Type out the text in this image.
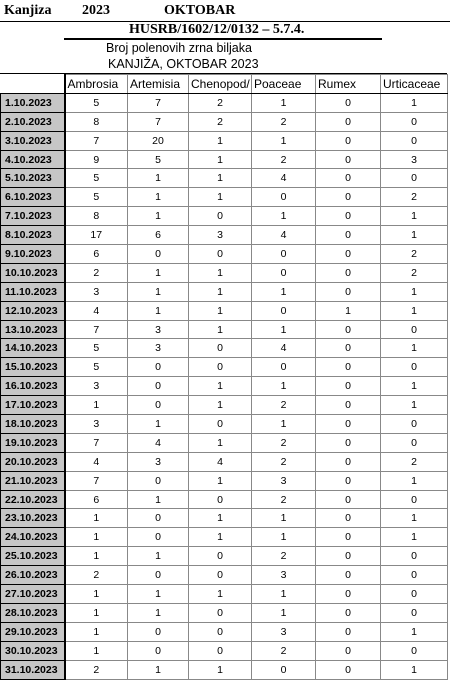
Kanjiza 2023	OKTOBAR
HUSRB/1602/12/0132 – 5.7.4.
Broj polenovih zrna biljaka
KANJIŽA, OKTOBAR 2023
	Ambrosia	Artemisia	Chenopod/	Poaceae	Rumex	Urticaceae
1.10.2023	5	7	2	1	0	1
2.10.2023	8	7	2	2	0	0
3.10.2023	7	20	1	1	0	0
4.10.2023	9	5	1	2	0	3
5.10.2023	5	1	1	4	0	0
6.10.2023	5	1	1	0	0	2
7.10.2023	8	1	0	1	0	1
8.10.2023	17	6	3	4	0	1
9.10.2023	6	0	0	0	0	2
10.10.2023	2	1	1	0	0	2
11.10.2023	3	1	1	1	0	1
12.10.2023	4	1	1	0	1	1
13.10.2023	7	3	1	1	0	0
14.10.2023	5	3	0	4	0	1
15.10.2023	5	0	0	0	0	0
16.10.2023	3	0	1	1	0	1
17.10.2023	1	0	1	2	0	1
18.10.2023	3	1	0	1	0	0
19.10.2023	7	4	1	2	0	0
20.10.2023	4	3	4	2	0	2
21.10.2023	7	0	1	3	0	1
22.10.2023	6	1	0	2	0	0
23.10.2023	1	0	1	1	0	1
24.10.2023	1	0	1	1	0	1
25.10.2023	1	1	0	2	0	0
26.10.2023	2	0	0	3	0	0
27.10.2023	1	1	1	1	0	0
28.10.2023	1	1	0	1	0	0
29.10.2023	1	0	0	3	0	1
30.10.2023	1	0	0	2	0	0
31.10.2023	2	1	1	0	0	1
